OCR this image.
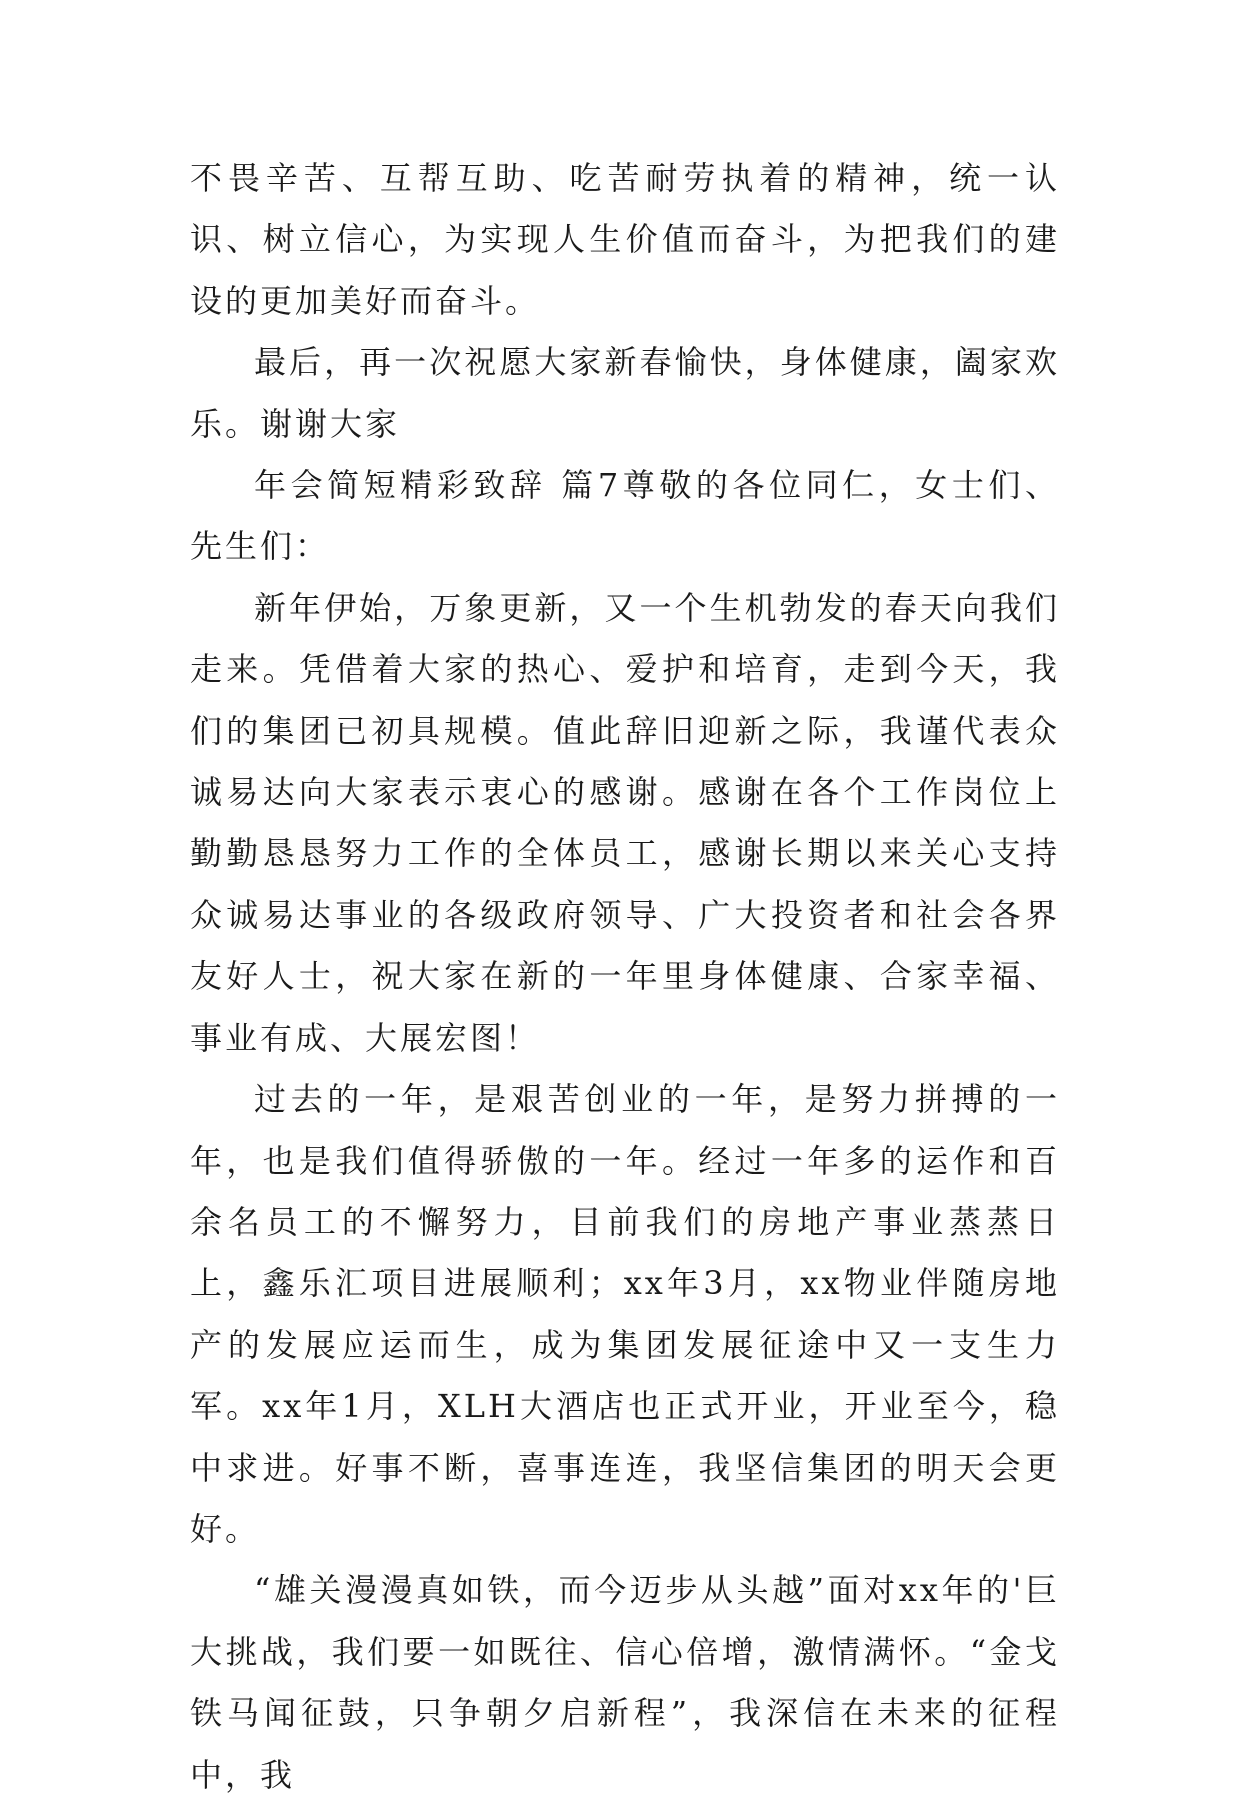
不畏辛苦、互帮互助、吃苦耐劳执着的精神，统一认识、树立信心，为实现人生价值而奋斗，为把我们的建设的更加美好而奋斗。

最后，再一次祝愿大家新春愉快，身体健康，阖家欢乐。谢谢大家

年会简短精彩致辞 篇7尊敬的各位同仁，女士们、先生们：

新年伊始，万象更新，又一个生机勃发的春天向我们走来。凭借着大家的热心、爱护和培育，走到今天，我们的集团已初具规模。值此辞旧迎新之际，我谨代表众诚易达向大家表示衷心的感谢。感谢在各个工作岗位上勤勤恳恳努力工作的全体员工，感谢长期以来关心支持众诚易达事业的各级政府领导、广大投资者和社会各界友好人士，祝大家在新的一年里身体健康、合家幸福、事业有成、大展宏图！

过去的一年，是艰苦创业的一年，是努力拼搏的一年，也是我们值得骄傲的一年。经过一年多的运作和百余名员工的不懈努力，目前我们的房地产事业蒸蒸日上，鑫乐汇项目进展顺利；xx年3月，xx物业伴随房地产的发展应运而生，成为集团发展征途中又一支生力军。xx年1月，XLH大酒店也正式开业，开业至今，稳中求进。好事不断，喜事连连，我坚信集团的明天会更好。

“雄关漫漫真如铁，而今迈步从头越”面对xx年的'巨大挑战，我们要一如既往、信心倍增，激情满怀。“金戈铁马闻征鼓，只争朝夕启新程”，我深信在未来的征程中，我
